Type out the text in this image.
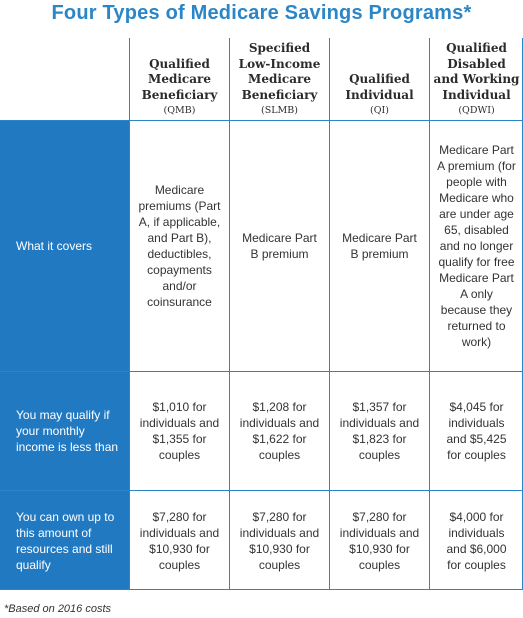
Four Types of Medicare Savings Programs*
Qualified
Medicare
Beneficiary
(QMB)
Specified
Low-Income
Medicare
Beneficiary
(SLMB)
Qualified
Individual
(QI)
Qualified
Disabled
and Working
Individual
(QDWI)
What it covers
You may qualify if your monthly income is less than
You can own up to this amount of resources and still qualify
Medicare premiums (Part A, if applicable, and Part B), deductibles, copayments and/or coinsurance
Medicare Part B premium
Medicare Part B premium
Medicare Part A premium (for people with Medicare who are under age 65, disabled and no longer qualify for free Medicare Part A only because they returned to work)
$1,010 for individuals and $1,355 for couples
$1,208 for individuals and $1,622 for couples
$1,357 for individuals and $1,823 for couples
$4,045 for individuals and $5,425 for couples
$7,280 for individuals and $10,930 for couples
$7,280 for individuals and $10,930 for couples
$7,280 for individuals and $10,930 for couples
$4,000 for individuals and $6,000 for couples
*Based on 2016 costs
